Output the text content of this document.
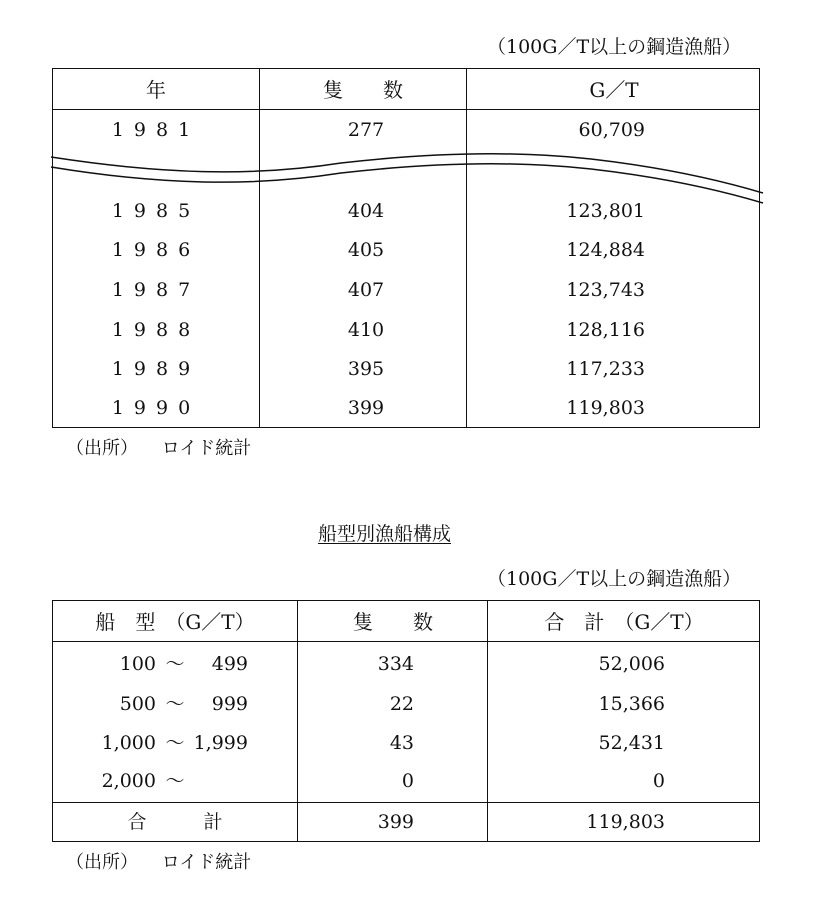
（100G／T以上の鋼造漁船）
年	隻　　数	G／T
1981	277	60,709
1985	404	123,801
1986	405	124,884
1987	407	123,743
1988	410	128,116
1989	395	117,233
1990	399	119,803
（出所） ロイド統計
船型別漁船構成
（100G／T以上の鋼造漁船）
船　型　（G／T）	隻　　数	合　計　（G／T）
100 ～ 499	334	52,006
500 ～ 999	22	15,366
1,000 ～ 1,999	43	52,431
2,000 ～	0	0
合　　　計	399	119,803
（出所） ロイド統計
